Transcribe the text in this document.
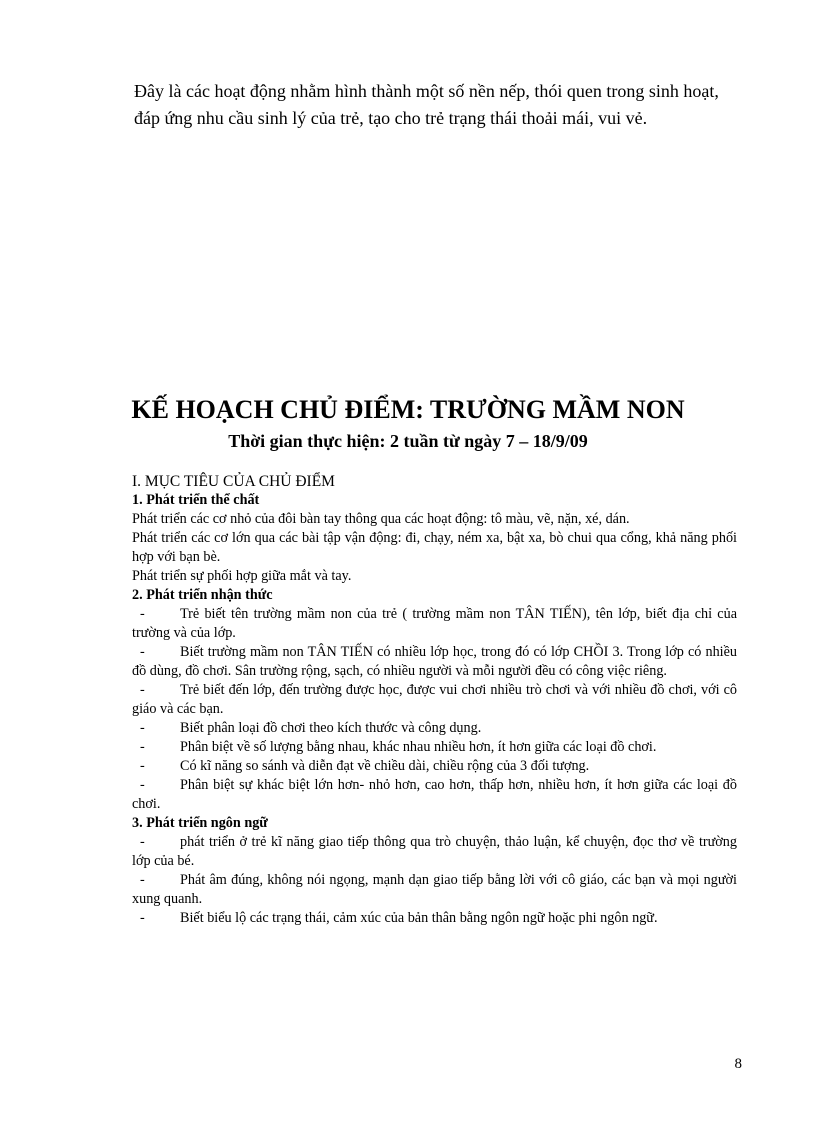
Đây là các hoạt động nhằm hình thành một số nền nếp, thói quen trong sinh hoạt, đáp ứng nhu cầu sinh lý của trẻ, tạo cho trẻ trạng thái thoải mái, vui vẻ.
KẾ HOẠCH CHỦ ĐIỂM: TRƯỜNG MẦM NON
Thời gian thực hiện: 2 tuần từ ngày 7 – 18/9/09

I. MỤC TIÊU CỦA CHỦ ĐIỂM

1. Phát triển thể chất

Phát triển các cơ nhỏ của đôi bàn tay thông qua các hoạt động: tô màu, vẽ, nặn, xé, dán.

Phát triển các cơ lớn qua các bài tập vận động: đi, chạy, ném xa, bật xa, bò chui qua cổng, khả năng phối hợp với bạn bè.

Phát triển sự phối hợp giữa mắt và tay.

2. Phát triển nhận thức

- Trẻ biết tên trường mầm non của trẻ ( trường mầm non TÂN TIẾN), tên lớp, biết địa chỉ của trường và của lớp.

- Biết trường mầm non TÂN TIẾN có nhiều lớp học, trong đó có lớp CHỒI 3. Trong lớp có nhiều đồ dùng, đồ chơi. Sân trường rộng, sạch, có nhiều người và mỗi người đều có công việc riêng.

- Trẻ biết đến lớp, đến trường được học, được vui chơi nhiều trò chơi và với nhiều đồ chơi, với cô giáo và các bạn.

- Biết phân loại đồ chơi theo kích thước và công dụng.

- Phân biệt về số lượng bằng nhau, khác nhau nhiều hơn, ít hơn giữa các loại đồ chơi.

- Có kĩ năng so sánh và diễn đạt về chiều dài, chiều rộng của 3 đối tượng.

- Phân biệt sự khác biệt lớn hơn- nhỏ hơn, cao hơn, thấp hơn, nhiều hơn, ít hơn giữa các loại đồ chơi.

3. Phát triển ngôn ngữ

- phát triển ở trẻ kĩ năng giao tiếp thông qua trò chuyện, thảo luận, kể chuyện, đọc thơ về trường lớp của bé.

- Phát âm đúng, không nói ngọng, mạnh dạn giao tiếp bằng lời với cô giáo, các bạn và mọi người xung quanh.

- Biết biểu lộ các trạng thái, cảm xúc của bản thân bằng ngôn ngữ hoặc phi ngôn ngữ.

8
